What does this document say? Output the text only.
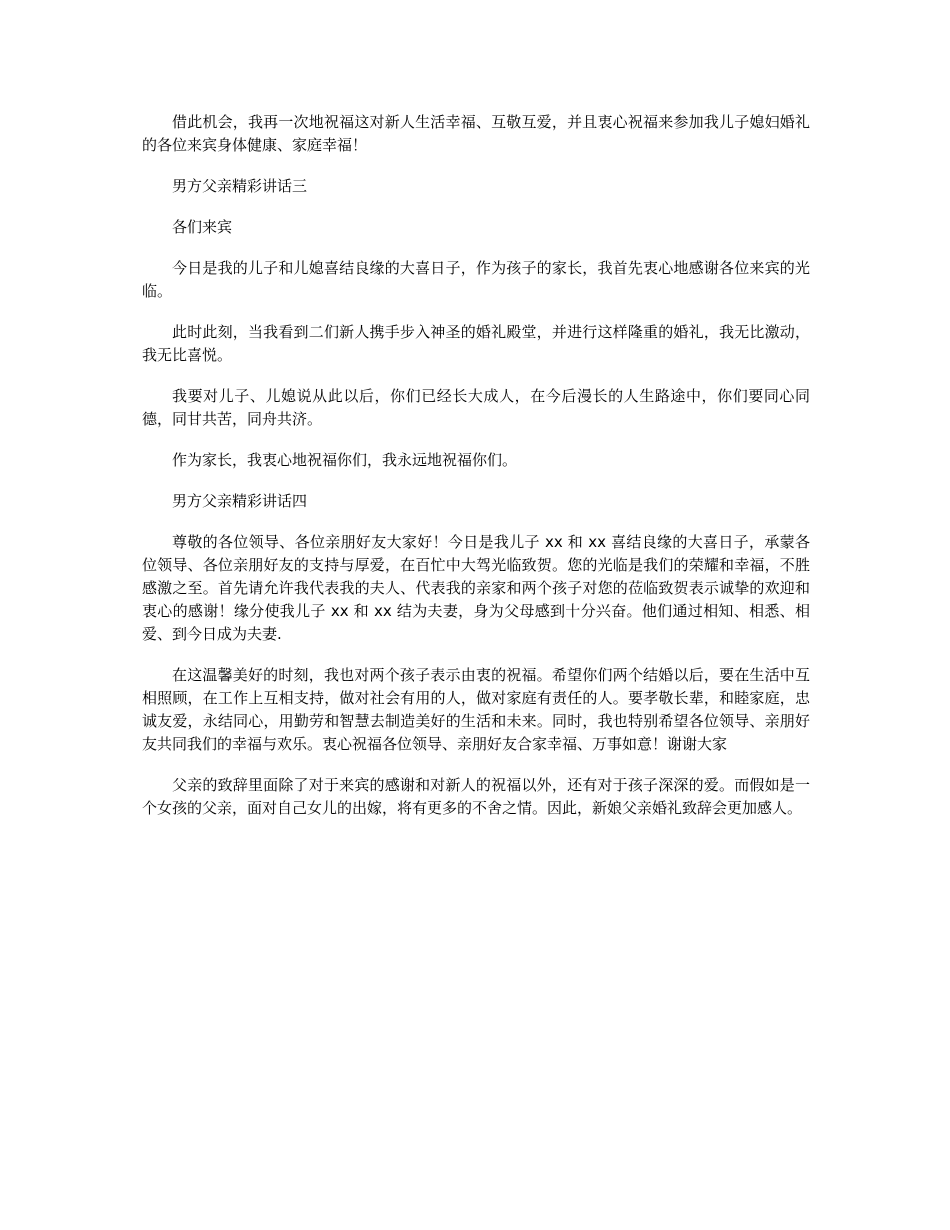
借此机会，我再一次地祝福这对新人生活幸福、互敬互爱，并且衷心祝福来参加我儿子媳妇婚礼的各位来宾身体健康、家庭幸福！

男方父亲精彩讲话三

各们来宾

今日是我的儿子和儿媳喜结良缘的大喜日子，作为孩子的家长，我首先衷心地感谢各位来宾的光临。

此时此刻，当我看到二们新人携手步入神圣的婚礼殿堂，并进行这样隆重的婚礼，我无比激动，我无比喜悦。

我要对儿子、儿媳说从此以后，你们已经长大成人，在今后漫长的人生路途中，你们要同心同德，同甘共苦，同舟共济。

作为家长，我衷心地祝福你们，我永远地祝福你们。

男方父亲精彩讲话四

尊敬的各位领导、各位亲朋好友大家好！今日是我儿子 xx 和 xx 喜结良缘的大喜日子，承蒙各位领导、各位亲朋好友的支持与厚爱，在百忙中大驾光临致贺。您的光临是我们的荣耀和幸福，不胜感激之至。首先请允许我代表我的夫人、代表我的亲家和两个孩子对您的莅临致贺表示诚挚的欢迎和衷心的感谢！缘分使我儿子 xx 和 xx 结为夫妻，身为父母感到十分兴奋。他们通过相知、相悉、相爱、到今日成为夫妻.

在这温馨美好的时刻，我也对两个孩子表示由衷的祝福。希望你们两个结婚以后，要在生活中互相照顾，在工作上互相支持，做对社会有用的人，做对家庭有责任的人。要孝敬长辈，和睦家庭，忠诚友爱，永结同心，用勤劳和智慧去制造美好的生活和未来。同时，我也特别希望各位领导、亲朋好友共同我们的幸福与欢乐。衷心祝福各位领导、亲朋好友合家幸福、万事如意！谢谢大家

父亲的致辞里面除了对于来宾的感谢和对新人的祝福以外，还有对于孩子深深的爱。而假如是一个女孩的父亲，面对自己女儿的出嫁，将有更多的不舍之情。因此，新娘父亲婚礼致辞会更加感人。
